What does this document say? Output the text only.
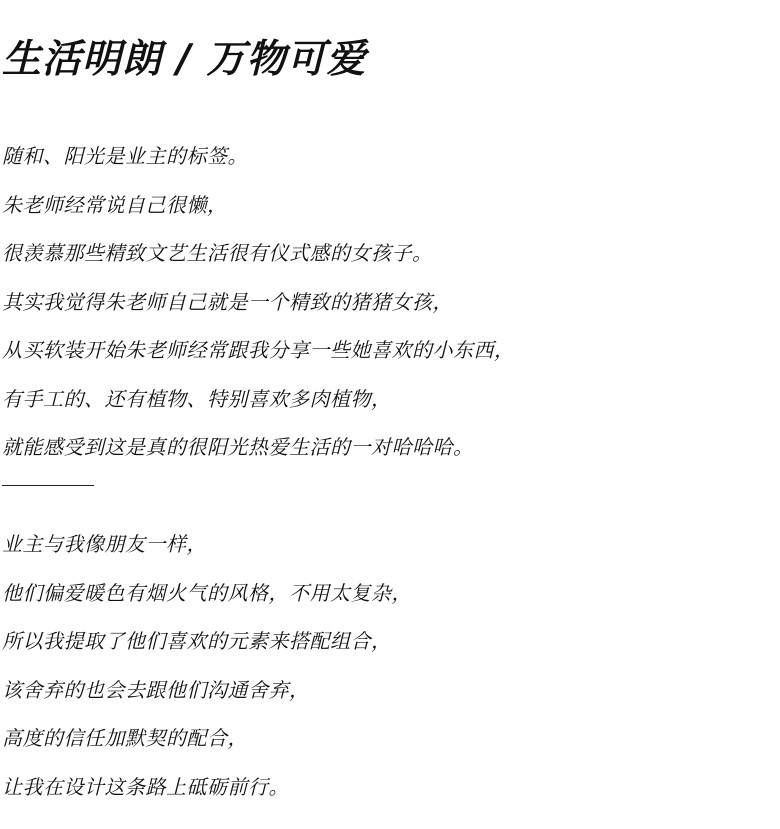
生活明朗 / 万物可爱
随和、阳光是业主的标签。
朱老师经常说自己很懒，
很羡慕那些精致文艺生活很有仪式感的女孩子。
其实我觉得朱老师自己就是一个精致的猪猪女孩，
从买软装开始朱老师经常跟我分享一些她喜欢的小东西，
有手工的、还有植物、特别喜欢多肉植物，
就能感受到这是真的很阳光热爱生活的一对哈哈哈。
业主与我像朋友一样，
他们偏爱暖色有烟火气的风格，不用太复杂，
所以我提取了他们喜欢的元素来搭配组合，
该舍弃的也会去跟他们沟通舍弃，
高度的信任加默契的配合，
让我在设计这条路上砥砺前行。
